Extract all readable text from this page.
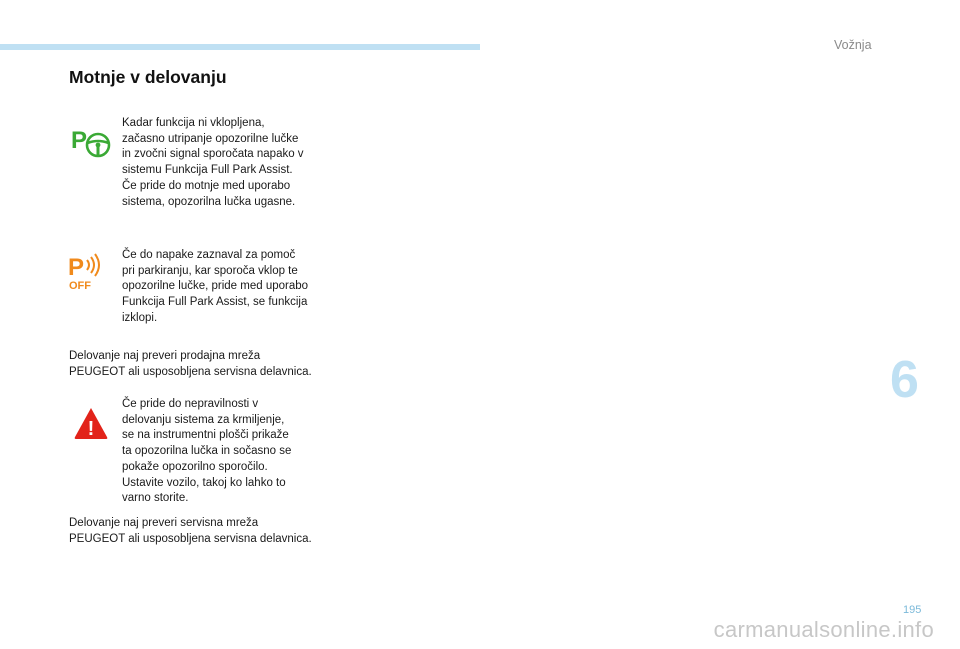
Vožnja
6
Motnje v delovanju
P

Kadar funkcija ni vklopljena,
začasno utripanje opozorilne lučke
in zvočni signal sporočata napako v
sistemu Funkcija Full Park Assist.
Če pride do motnje med uporabo
sistema, opozorilna lučka ugasne.

P
OFF

Če do napake zaznaval za pomoč
pri parkiranju, kar sporoča vklop te
opozorilne lučke, pride med uporabo
Funkcija Full Park Assist, se funkcija
izklopi.

Delovanje naj preveri prodajna mreža
PEUGEOT ali usposobljena servisna delavnica.

!

Če pride do nepravilnosti v
delovanju sistema za krmiljenje,
se na instrumentni plošči prikaže
ta opozorilna lučka in sočasno se
pokaže opozorilno sporočilo.
Ustavite vozilo, takoj ko lahko to
varno storite.

Delovanje naj preveri servisna mreža
PEUGEOT ali usposobljena servisna delavnica.

195
carmanualsonline.info
